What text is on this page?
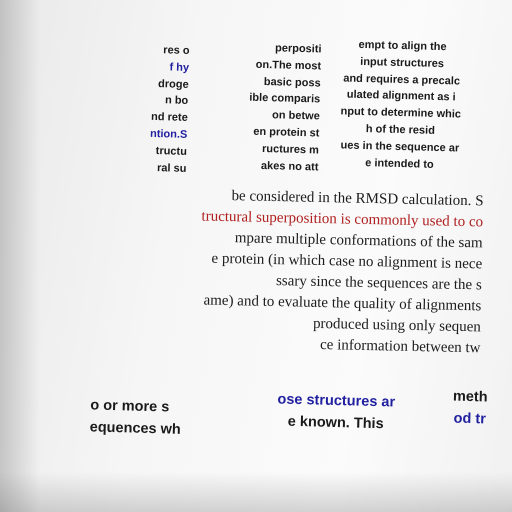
res o
f hy
droge
n bo
nd rete
ntion.S
tructu
ral su
perpositi
on.The most
basic poss
ible comparis
on betwe
en protein st
ructures m
akes no att
empt to align the
input structures
and requires a precalc
ulated alignment as i
nput to determine whic
h of the resid
ues in the sequence ar
e intended to
be considered in the RMSD calculation. S
tructural superposition is commonly used to co
mpare multiple conformations of the sam
e protein (in which case no alignment is nece
ssary since the sequences are the s
ame) and to evaluate the quality of alignments
produced using only sequen
ce information between tw
o or more s
equences wh
ose structures ar
e known. This
meth
od tr
